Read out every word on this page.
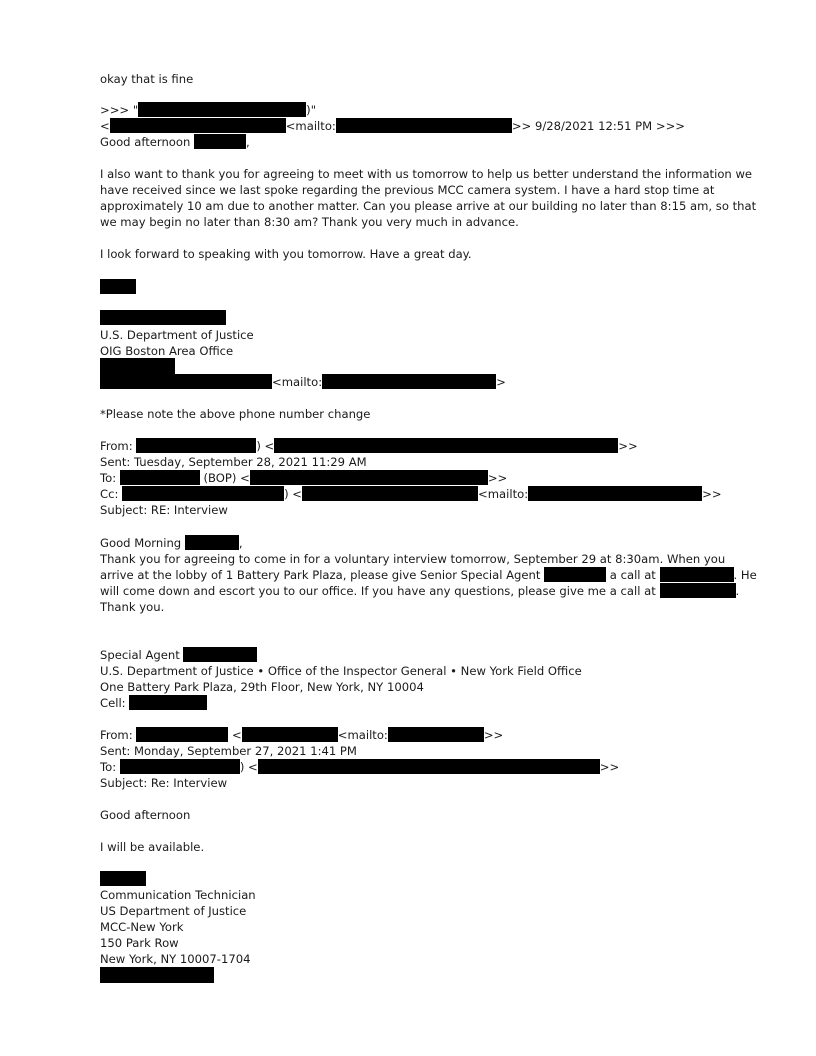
okay that is fine
>>> "	)"
<	<mailto:	>> 9/28/2021 12:51 PM >>>
Good afternoon	,
I also want to thank you for agreeing to meet with us tomorrow to help us better understand the information we
have received since we last spoke regarding the previous MCC camera system. I have a hard stop time at
approximately 10 am due to another matter. Can you please arrive at our building no later than 8:15 am, so that
we may begin no later than 8:30 am? Thank you very much in advance.
I look forward to speaking with you tomorrow. Have a great day.
U.S. Department of Justice
OIG Boston Area Office
<mailto:	>
*Please note the above phone number change
From:	) <	>>
Sent: Tuesday, September 28, 2021 11:29 AM
To:	(BOP) <	>>
Cc:	) <	<mailto:	>>
Subject: RE: Interview
Good Morning	,
Thank you for agreeing to come in for a voluntary interview tomorrow, September 29 at 8:30am. When you
arrive at the lobby of 1 Battery Park Plaza, please give Senior Special Agent	a call at	. He
will come down and escort you to our office. If you have any questions, please give me a call at	.
Thank you.
Special Agent
U.S. Department of Justice • Office of the Inspector General • New York Field Office
One Battery Park Plaza, 29th Floor, New York, NY 10004
Cell:
From:	<	<mailto:	>>
Sent: Monday, September 27, 2021 1:41 PM
To:	) <	>>
Subject: Re: Interview
Good afternoon
I will be available.
Communication Technician
US Department of Justice
MCC-New York
150 Park Row
New York, NY 10007-1704
